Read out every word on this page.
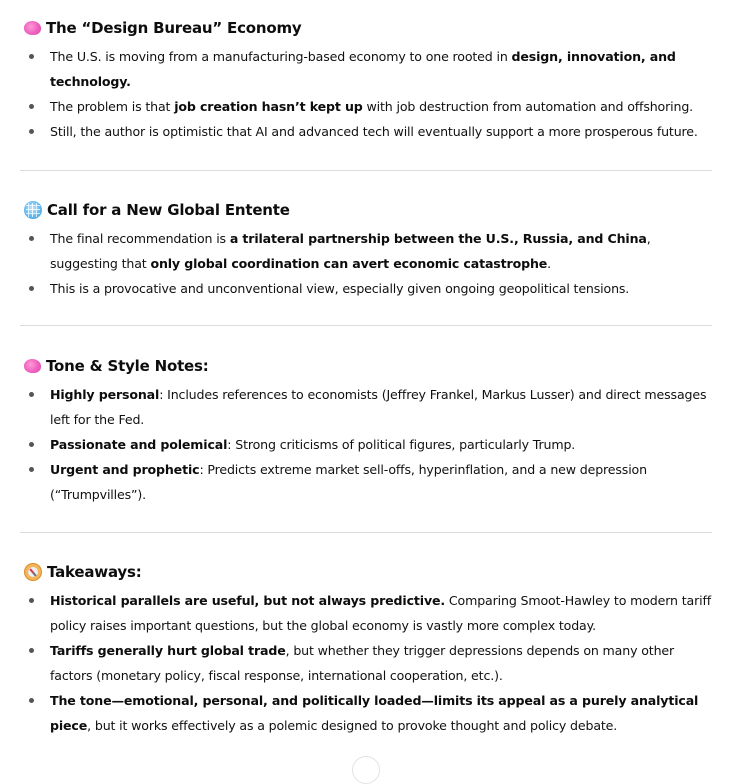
The “Design Bureau” Economy
The U.S. is moving from a manufacturing-based economy to one rooted in design, innovation, and technology.
The problem is that job creation hasn’t kept up with job destruction from automation and offshoring.
Still, the author is optimistic that AI and advanced tech will eventually support a more prosperous future.
Call for a New Global Entente
The final recommendation is a trilateral partnership between the U.S., Russia, and China, suggesting that only global coordination can avert economic catastrophe.
This is a provocative and unconventional view, especially given ongoing geopolitical tensions.
Tone & Style Notes:
Highly personal: Includes references to economists (Jeffrey Frankel, Markus Lusser) and direct messages left for the Fed.
Passionate and polemical: Strong criticisms of political figures, particularly Trump.
Urgent and prophetic: Predicts extreme market sell-offs, hyperinflation, and a new depression (“Trumpvilles”).
Takeaways:
Historical parallels are useful, but not always predictive. Comparing Smoot-Hawley to modern tariff policy raises important questions, but the global economy is vastly more complex today.
Tariffs generally hurt global trade, but whether they trigger depressions depends on many other factors (monetary policy, fiscal response, international cooperation, etc.).
The tone—emotional, personal, and politically loaded—limits its appeal as a purely analytical piece, but it works effectively as a polemic designed to provoke thought and policy debate.
